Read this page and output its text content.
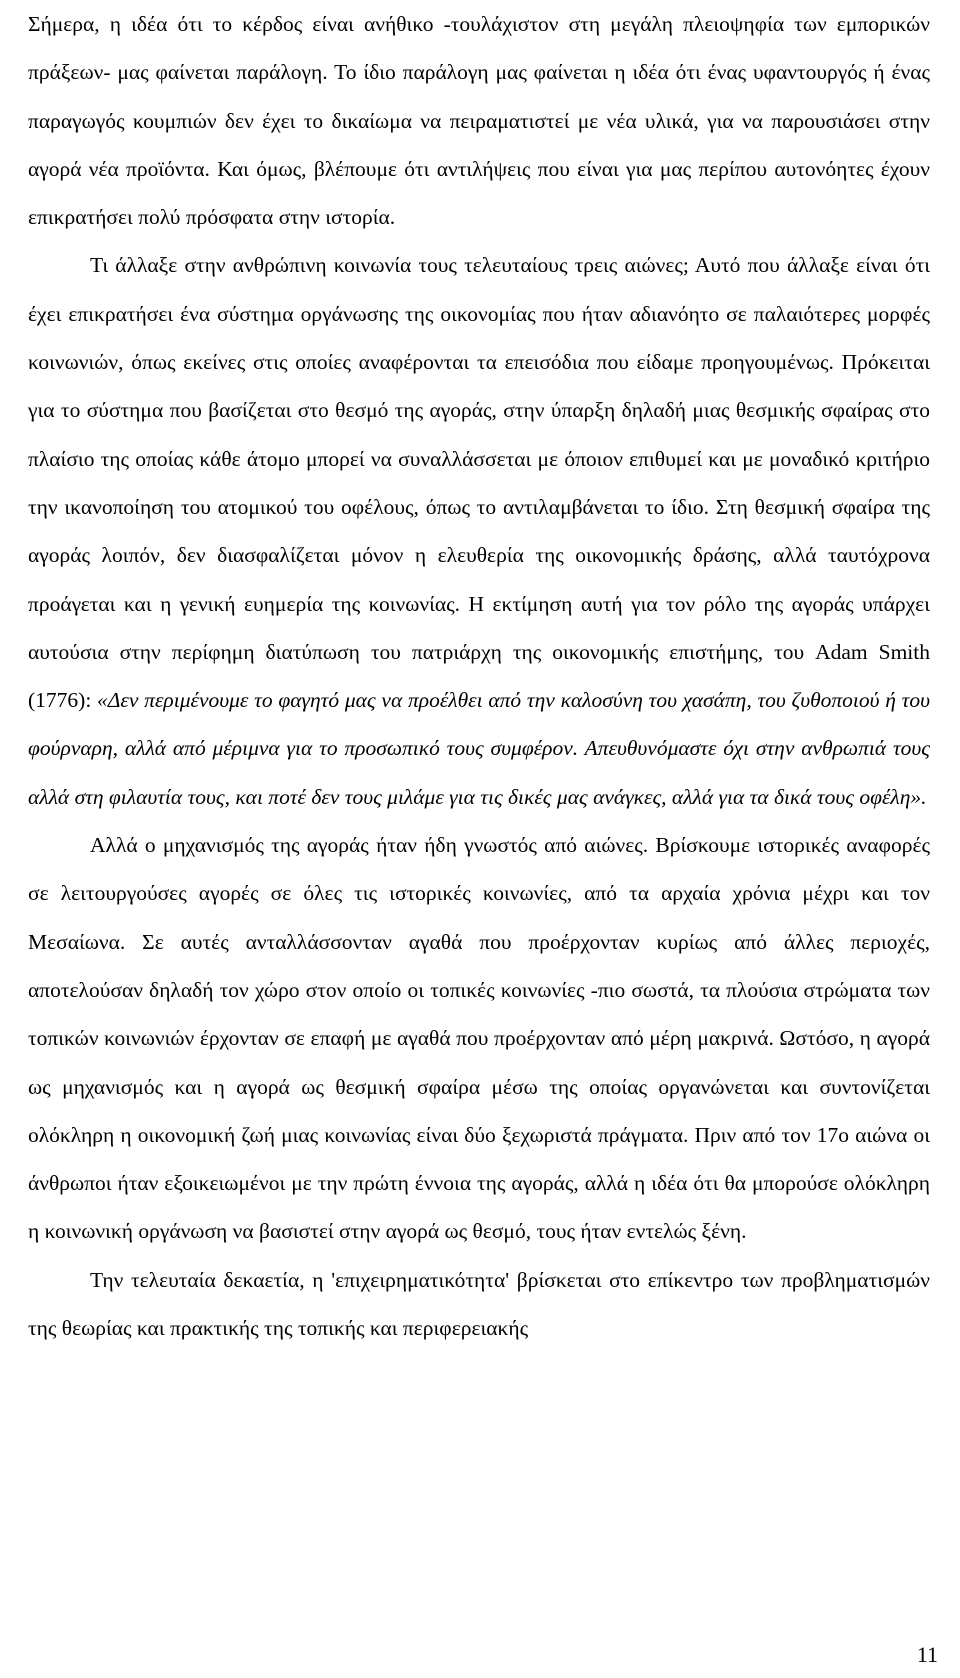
Σήμερα, η ιδέα ότι το κέρδος είναι ανήθικο -τουλάχιστον στη μεγάλη πλειοψηφία των εμπορικών πράξεων- μας φαίνεται παράλογη. Το ίδιο παράλογη μας φαίνεται η ιδέα ότι ένας υφαντουργός ή ένας παραγωγός κουμπιών δεν έχει το δικαίωμα να πειραματιστεί με νέα υλικά, για να παρουσιάσει στην αγορά νέα προϊόντα. Και όμως, βλέπουμε ότι αντιλήψεις που είναι για μας περίπου αυτονόητες έχουν επικρατήσει πολύ πρόσφατα στην ιστορία.

Τι άλλαξε στην ανθρώπινη κοινωνία τους τελευταίους τρεις αιώνες; Αυτό που άλλαξε είναι ότι έχει επικρατήσει ένα σύστημα οργάνωσης της οικονομίας που ήταν αδιανόητο σε παλαιότερες μορφές κοινωνιών, όπως εκείνες στις οποίες αναφέρονται τα επεισόδια που είδαμε προηγουμένως. Πρόκειται για το σύστημα που βασίζεται στο θεσμό της αγοράς, στην ύπαρξη δηλαδή μιας θεσμικής σφαίρας στο πλαίσιο της οποίας κάθε άτομο μπορεί να συναλλάσσεται με όποιον επιθυμεί και με μοναδικό κριτήριο την ικανοποίηση του ατομικού του οφέλους, όπως το αντιλαμβάνεται το ίδιο. Στη θεσμική σφαίρα της αγοράς λοιπόν, δεν διασφαλίζεται μόνον η ελευθερία της οικονομικής δράσης, αλλά ταυτόχρονα προάγεται και η γενική ευημερία της κοινωνίας. Η εκτίμηση αυτή για τον ρόλο της αγοράς υπάρχει αυτούσια στην περίφημη διατύπωση του πατριάρχη της οικονομικής επιστήμης, του Adam Smith (1776): «Δεν περιμένουμε το φαγητό μας να προέλθει από την καλοσύνη του χασάπη, του ζυθοποιού ή του φούρναρη, αλλά από μέριμνα για το προσωπικό τους συμφέρον. Απευθυνόμαστε όχι στην ανθρωπιά τους αλλά στη φιλαυτία τους, και ποτέ δεν τους μιλάμε για τις δικές μας ανάγκες, αλλά για τα δικά τους οφέλη».

Αλλά ο μηχανισμός της αγοράς ήταν ήδη γνωστός από αιώνες. Βρίσκουμε ιστορικές αναφορές σε λειτουργούσες αγορές σε όλες τις ιστορικές κοινωνίες, από τα αρχαία χρόνια μέχρι και τον Μεσαίωνα. Σε αυτές ανταλλάσσονταν αγαθά που προέρχονταν κυρίως από άλλες περιοχές, αποτελούσαν δηλαδή τον χώρο στον οποίο οι τοπικές κοινωνίες -πιο σωστά, τα πλούσια στρώματα των τοπικών κοινωνιών έρχονταν σε επαφή με αγαθά που προέρχονταν από μέρη μακρινά. Ωστόσο, η αγορά ως μηχανισμός και η αγορά ως θεσμική σφαίρα μέσω της οποίας οργανώνεται και συντονίζεται ολόκληρη η οικονομική ζωή μιας κοινωνίας είναι δύο ξεχωριστά πράγματα. Πριν από τον 17ο αιώνα οι άνθρωποι ήταν εξοικειωμένοι με την πρώτη έννοια της αγοράς, αλλά η ιδέα ότι θα μπορούσε ολόκληρη η κοινωνική οργάνωση να βασιστεί στην αγορά ως θεσμό, τους ήταν εντελώς ξένη.

Την τελευταία δεκαετία, η 'επιχειρηματικότητα' βρίσκεται στο επίκεντρο των προβληματισμών της θεωρίας και πρακτικής της τοπικής και περιφερειακής

11
